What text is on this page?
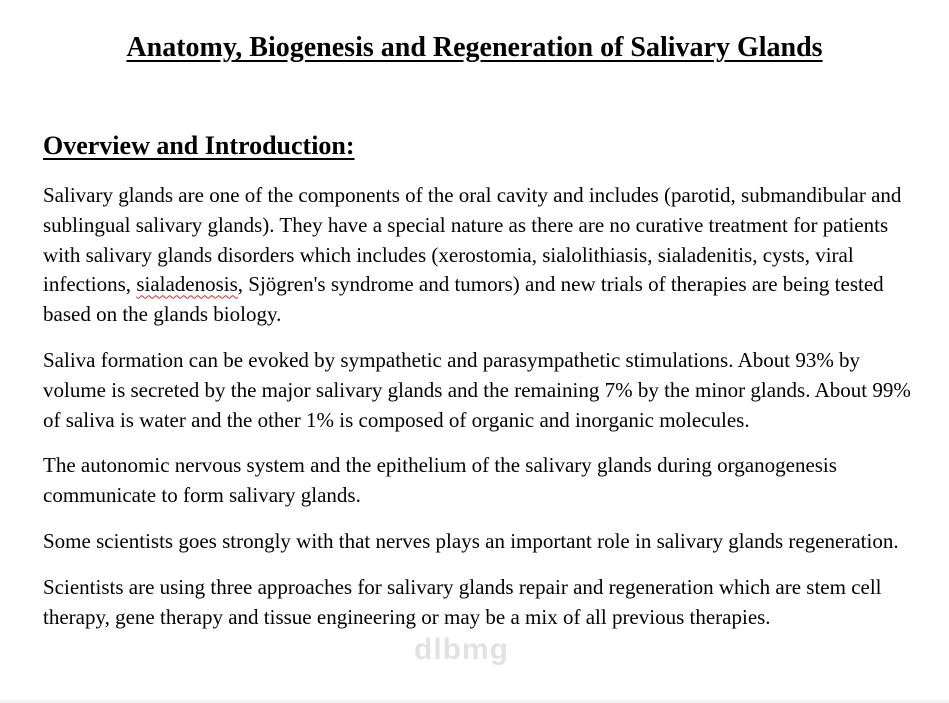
Anatomy, Biogenesis and Regeneration of Salivary Glands
Overview and Introduction:

Salivary glands are one of the components of the oral cavity and includes (parotid, submandibular and sublingual salivary glands). They have a special nature as there are no curative treatment for patients with salivary glands disorders which includes (xerostomia, sialolithiasis, sialadenitis, cysts, viral infections, sialadenosis, Sjögren's syndrome and tumors) and new trials of therapies are being tested based on the glands biology.

Saliva formation can be evoked by sympathetic and parasympathetic stimulations. About 93% by volume is secreted by the major salivary glands and the remaining 7% by the minor glands. About 99% of saliva is water and the other 1% is composed of organic and inorganic molecules.

The autonomic nervous system and the epithelium of the salivary glands during organogenesis communicate to form salivary glands.

Some scientists goes strongly with that nerves plays an important role in salivary glands regeneration.

Scientists are using three approaches for salivary glands repair and regeneration which are stem cell therapy, gene therapy and tissue engineering or may be a mix of all previous therapies.

dlbmg
